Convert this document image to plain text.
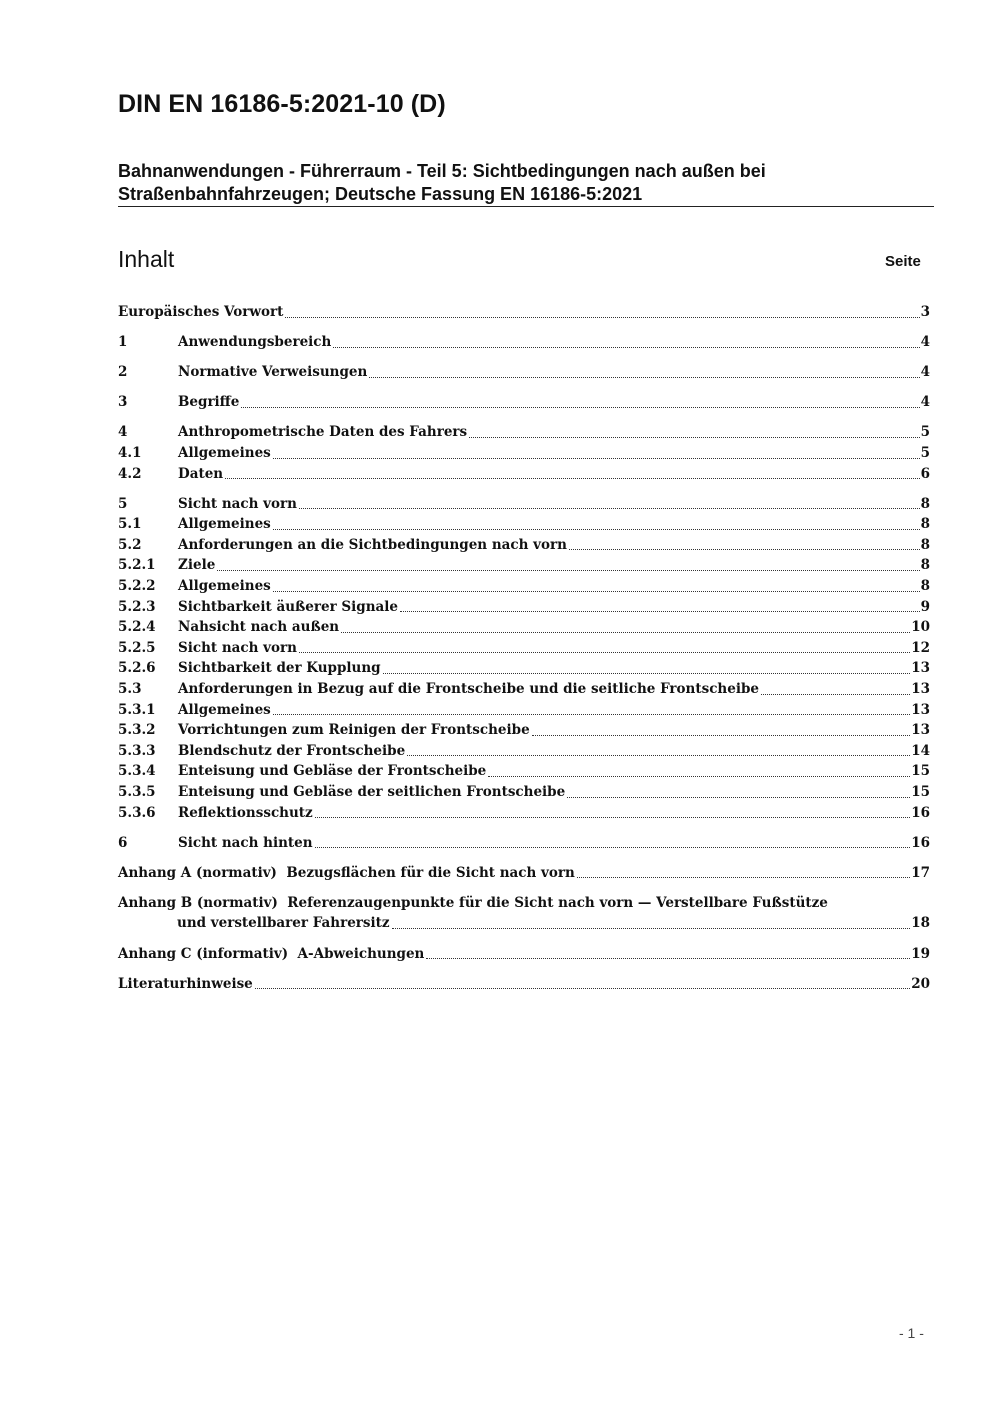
DIN EN 16186-5:2021-10 (D)
Bahnanwendungen - Führerraum - Teil 5: Sichtbedingungen nach außen bei
Straßenbahnfahrzeugen; Deutsche Fassung EN 16186-5:2021
Inhalt	Seite
Europäisches Vorwort	3
1	Anwendungsbereich	4
2	Normative Verweisungen	4
3	Begriffe	4
4	Anthropometrische Daten des Fahrers	5
4.1	Allgemeines	5
4.2	Daten	6
5	Sicht nach vorn	8
5.1	Allgemeines	8
5.2	Anforderungen an die Sichtbedingungen nach vorn	8
5.2.1	Ziele	8
5.2.2	Allgemeines	8
5.2.3	Sichtbarkeit äußerer Signale	9
5.2.4	Nahsicht nach außen	10
5.2.5	Sicht nach vorn	12
5.2.6	Sichtbarkeit der Kupplung	13
5.3	Anforderungen in Bezug auf die Frontscheibe und die seitliche Frontscheibe	13
5.3.1	Allgemeines	13
5.3.2	Vorrichtungen zum Reinigen der Frontscheibe	13
5.3.3	Blendschutz der Frontscheibe	14
5.3.4	Enteisung und Gebläse der Frontscheibe	15
5.3.5	Enteisung und Gebläse der seitlichen Frontscheibe	15
5.3.6	Reflektionsschutz	16
6	Sicht nach hinten	16
Anhang A (normativ)  Bezugsflächen für die Sicht nach vorn	17
Anhang B (normativ)  Referenzaugenpunkte für die Sicht nach vorn — Verstellbare Fußstütze
und verstellbarer Fahrersitz	18
Anhang C (informativ)  A-Abweichungen	19
Literaturhinweise	20
- 1 -
